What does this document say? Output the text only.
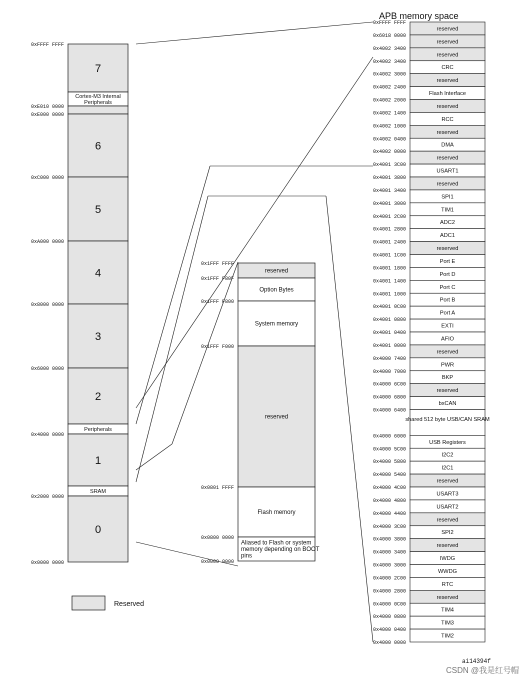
APB memory space
ai14394f
CSDN @我是红号帽
Reserved
0xFFFF FFFF
7
Cortex-M3 Internal Peripherals
0xE010 0000
0xE000 0000
6
0xC000 0000
5
0xA000 0000
4
0x8000 0000
3
0x6000 0000
2
Peripherals
0x4000 0000
1
SRAM
0x2000 0000
0
0x0000 0000
0x1FFF FFFF
reserved
0x1FFF F80F
Option Bytes
0x1FFF F800
System memory
0x1FFF F000
reserved
0x0801 FFFF
Flash memory
0x0800 0000
Aliased to Flash or system memory depending on BOOT pins
0x0000 0000
0xFFFF FFFF
reserved
0x6018 0000
reserved
0x4002 3400
reserved
0x4002 3400
CRC
0x4002 3000
reserved
0x4002 2400
Flash Interface
0x4002 2000
reserved
0x4002 1400
RCC
0x4002 1000
reserved
0x4002 0400
DMA
0x4002 0000
reserved
0x4001 3C00
USART1
0x4001 3800
reserved
0x4001 3400
SPI1
0x4001 3000
TIM1
0x4001 2C00
ADC2
0x4001 2800
ADC1
0x4001 2400
reserved
0x4001 1C00
Port E
0x4001 1800
Port D
0x4001 1400
Port C
0x4001 1000
Port B
0x4001 0C00
Port A
0x4001 0800
EXTI
0x4001 0400
AFIO
0x4001 0000
reserved
0x4000 7400
PWR
0x4000 7000
BKP
0x4000 6C00
reserved
0x4000 6800
bxCAN
0x4000 6400
shared 512 byte USB/CAN SRAM
0x4000 6000
USB Registers
0x4000 5C00
I2C2
0x4000 5800
I2C1
0x4000 5400
reserved
0x4000 4C00
USART3
0x4000 4800
USART2
0x4000 4400
reserved
0x4000 3C00
SPI2
0x4000 3800
reserved
0x4000 3400
IWDG
0x4000 3000
WWDG
0x4000 2C00
RTC
0x4000 2800
reserved
0x4000 0C00
TIM4
0x4000 0800
TIM3
0x4000 0400
TIM2
0x4000 0000
